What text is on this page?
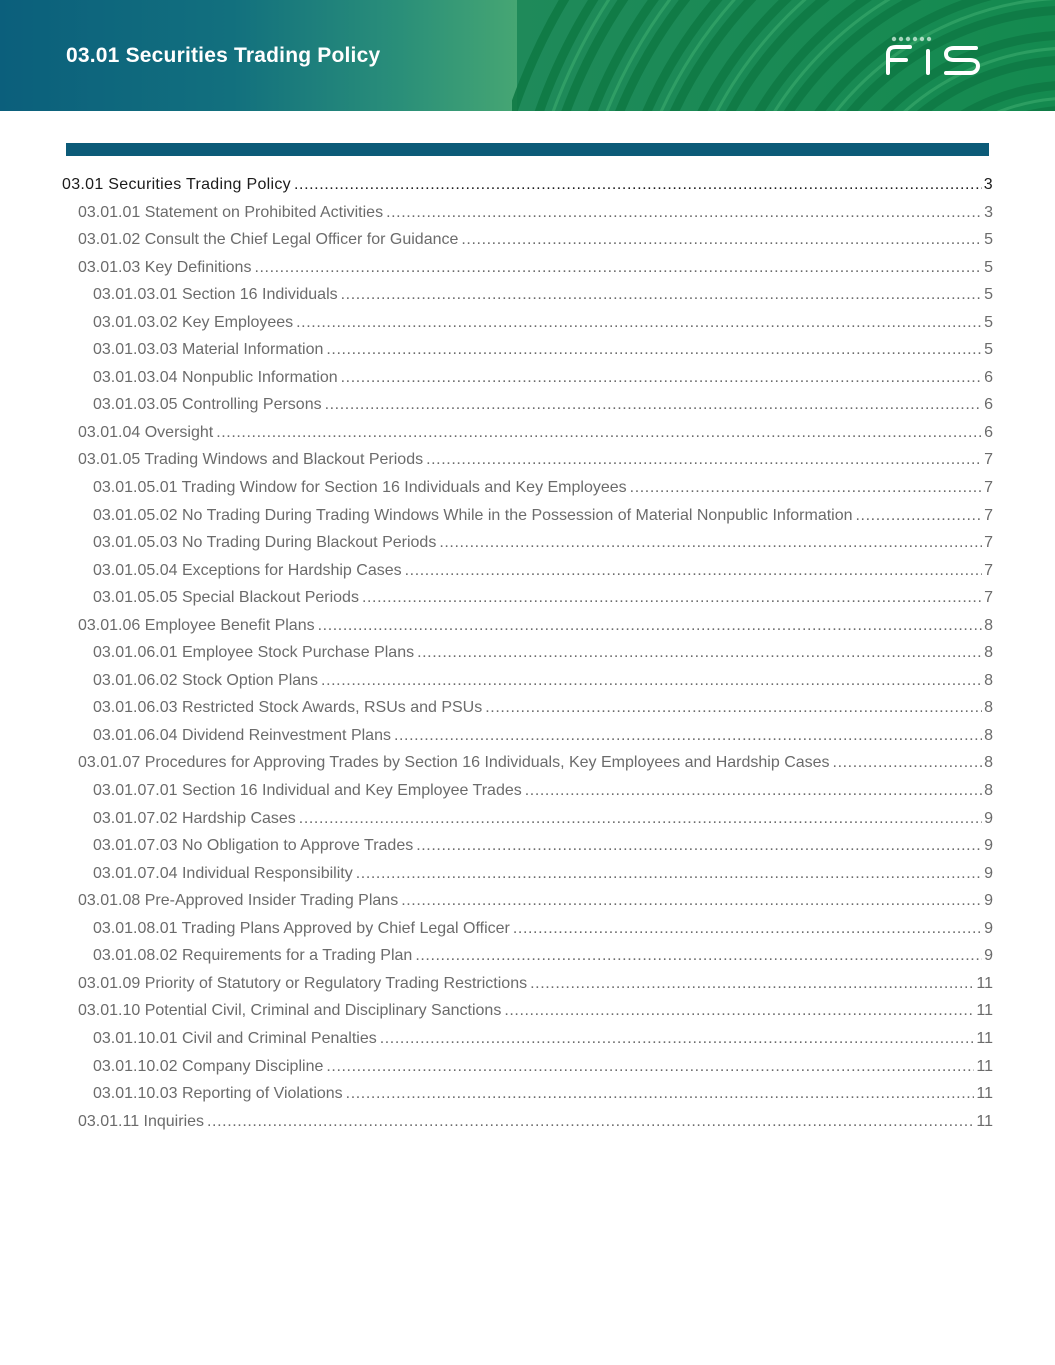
03.01 Securities Trading Policy
03.01 Securities Trading Policy .....	3
03.01.01 Statement on Prohibited Activities .....	3
03.01.02 Consult the Chief Legal Officer for Guidance .....	5
03.01.03 Key Definitions .....	5
03.01.03.01 Section 16 Individuals .....	5
03.01.03.02 Key Employees .....	5
03.01.03.03 Material Information .....	5
03.01.03.04 Nonpublic Information .....	6
03.01.03.05 Controlling Persons .....	6
03.01.04 Oversight .....	6
03.01.05 Trading Windows and Blackout Periods .....	7
03.01.05.01 Trading Window for Section 16 Individuals and Key Employees .....	7
03.01.05.02 No Trading During Trading Windows While in the Possession of Material Nonpublic Information .....	7
03.01.05.03 No Trading During Blackout Periods .....	7
03.01.05.04 Exceptions for Hardship Cases .....	7
03.01.05.05 Special Blackout Periods .....	7
03.01.06 Employee Benefit Plans .....	8
03.01.06.01 Employee Stock Purchase Plans .....	8
03.01.06.02 Stock Option Plans .....	8
03.01.06.03 Restricted Stock Awards, RSUs and PSUs .....	8
03.01.06.04 Dividend Reinvestment Plans .....	8
03.01.07 Procedures for Approving Trades by Section 16 Individuals, Key Employees and Hardship Cases .....	8
03.01.07.01 Section 16 Individual and Key Employee Trades .....	8
03.01.07.02 Hardship Cases .....	9
03.01.07.03 No Obligation to Approve Trades .....	9
03.01.07.04 Individual Responsibility .....	9
03.01.08 Pre-Approved Insider Trading Plans .....	9
03.01.08.01 Trading Plans Approved by Chief Legal Officer .....	9
03.01.08.02 Requirements for a Trading Plan .....	9
03.01.09 Priority of Statutory or Regulatory Trading Restrictions .....	11
03.01.10 Potential Civil, Criminal and Disciplinary Sanctions .....	11
03.01.10.01 Civil and Criminal Penalties .....	11
03.01.10.02 Company Discipline .....	11
03.01.10.03 Reporting of Violations .....	11
03.01.11 Inquiries .....	11
